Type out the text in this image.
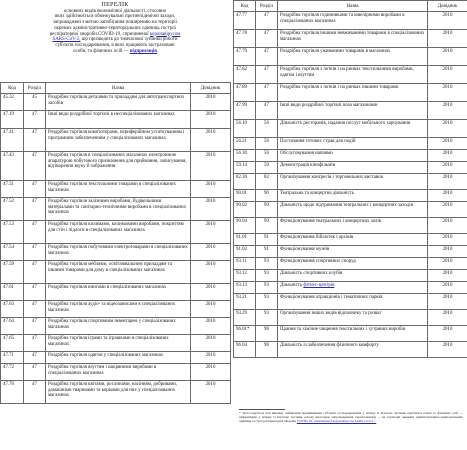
ПЕРЕЛІК
основних видів економічної діяльності, стосовно
яких здійснюється обмежувальні протиепідемічні заходи,
запроваджені з метою запобігання поширенню на території
окремих адміністративно-територіальних одиниць гострої
респіраторної хвороби COVID-19, спричиненої коронавірусом
SARS-CoV-2, що призводить до тимчасової зупинки роботи
суб'єктів господарювання, в яких працюють застраховані
особи, та фізичних осіб — підприємців
Код	Розділ	Назва	Довідник
45.32	45	Роздрібна торгівля деталями та приладдям для автотранспортних засобів	2010
47.19	47	Інші види роздрібної торгівлі в неспеціалізованих магазинах	2010
47.41	47	Роздрібна торгівля комп'ютерами, периферійним устаткуванням і програмним забезпеченням у спеціалізованих магазинах	2010
47.43	47	Роздрібна торгівля в спеціалізованих магазинах електронною апаратурою побутового призначення для приймання, записування, відтворення звуку й зображення	2010
47.51	47	Роздрібна торгівля текстильними товарами в спеціалізованих магазинах	2010
47.52	47	Роздрібна торгівля залізними виробами, будівельними матеріалами та санітарно-технічними виробами в спеціалізованих магазинах	2010
47.53	47	Роздрібна торгівля килимами, килимовими виробами, покриттям для стін і підлоги в спеціалізованих магазинах	2010
47.54	47	Роздрібна торгівля побутовими електротоварами в спеціалізованих магазинах	2010
47.59	47	Роздрібна торгівля меблями, освітлювальним приладдям та іншими товарами для дому в спеціалізованих магазинах	2010
47.61	47	Роздрібна торгівля книгами в спеціалізованих магазинах	2010
47.63	47	Роздрібна торгівля аудіо- та відеозаписами в спеціалізованих магазинах	2010
47.64	47	Роздрібна торгівля спортивним інвентарем у спеціалізованих магазинах	2010
47.65	47	Роздрібна торгівля іграми та іграшками в спеціалізованих магазинах	2010
47.71	47	Роздрібна торгівля одягом у спеціалізованих магазинах	2010
47.72	47	Роздрібна торгівля взуттям і шкіряними виробами в спеціалізованих магазинах	2010
47.76	47	Роздрібна торгівля квітами, рослинами, насінням, добривами, домашніми тваринами та кормами для них у спеціалізованих магазинах	2010
Код	Розділ	Назва	Довідник
47.77	47	Роздрібна торгівля годинниками та ювелірними виробами в спеціалізованих магазинах	2010
47.78	47	Роздрібна торгівля іншими невживаними товарами в спеціалізованих магазинах	2010
47.79	47	Роздрібна торгівля уживаними товарами в магазинах	2010
47.82	47	Роздрібна торгівля з лотків і на ринках текстильними виробами, одягом і взуттям	2010
47.89	47	Роздрібна торгівля з лотків і на ринках іншими товарами	2010
47.99	47	Інші види роздрібної торгівлі поза магазинами	2010
56.10	56	Діяльність ресторанів, надання послуг мобільного харчування	2010
56.21	56	Постачання готових страв для подій	2010
56.30	56	Обслуговування напоями	2010
59.14	59	Демонстрація кінофільмів	2010
82.30	82	Організування конгресів і торговельних виставок	2010
90.01	90	Театральна та концертна діяльність	2010
90.02	90	Діяльність щодо підтримання театральних і концертних заходів	2010
90.04	90	Функціонування театральних і концертних залів	2010
91.01	91	Функціонування бібліотек і архівів	2010
91.02	91	Функціонування музеїв	2010
93.11	93	Функціонування спортивних споруд	2010
93.12	93	Діяльність спортивних клубів	2010
93.13	93	Діяльність фітнес-центрів	2010
93.21	93	Функціонування атракціонів і тематичних парків	2010
93.29	93	Організування інших видів відпочинку та розваг	2010
96.01*	96	Прання та хімічне чищення текстильних і хутряних виробів	2010
96.04	96	Діяльність із забезпечення фізичного комфорту	2010
* Застосовується для випадку зайнятими працівниками суб'єктів господарювання у зв'язку із втратою частини заробітної плати та фізичних осіб — підприємців у зв'язку із втратою частини доходу внаслідок запровадження ґарантованому ... на території окремих адміністративно-територіальних одиниць гострої респіраторної хвороби COVID-19, спричиненої коронавірусом SARS-CoV-2.".
